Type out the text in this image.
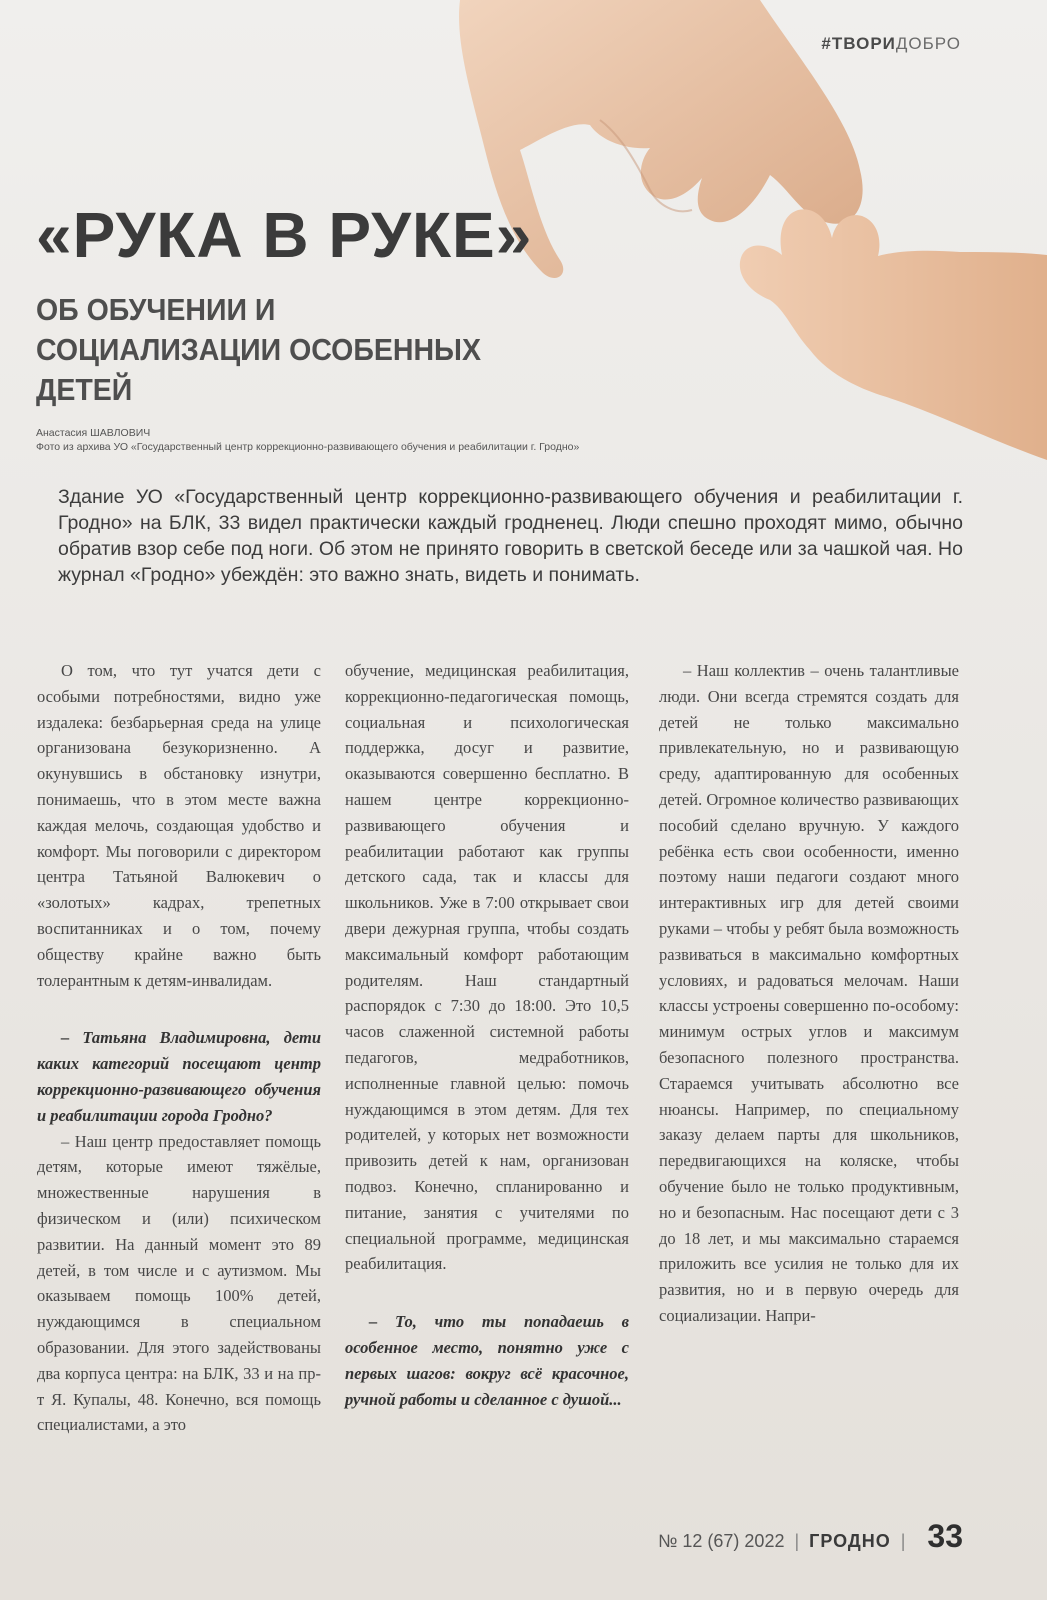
#ТВОРИДОБРО
«РУКА В РУКЕ»
ОБ ОБУЧЕНИИ И СОЦИАЛИЗАЦИИ ОСОБЕННЫХ ДЕТЕЙ
Анастасия ШАВЛОВИЧ
Фото из архива УО «Государственный центр коррекционно-развивающего обучения и реабилитации г. Гродно»
Здание УО «Государственный центр коррекционно-развивающего обучения и реабилитации г. Гродно» на БЛК, 33 видел практически каждый гродненец. Люди спешно проходят мимо, обычно обратив взор себе под ноги. Об этом не принято говорить в светской беседе или за чашкой чая. Но журнал «Гродно» убеждён: это важно знать, видеть и понимать.

О том, что тут учатся дети с особыми потребностями, видно уже издалека: безбарьерная среда на улице организована безукоризненно. А окунувшись в обстановку изнутри, понимаешь, что в этом месте важна каждая мелочь, создающая удобство и комфорт. Мы поговорили с директором центра Татьяной Валюкевич о «золотых» кадрах, трепетных воспитанниках и о том, почему обществу крайне важно быть толерантным к детям-инвалидам.

– Татьяна Владимировна, дети каких категорий посещают центр коррекционно-развивающего обучения и реабилитации города Гродно?

– Наш центр предоставляет помощь детям, которые имеют тяжёлые, множественные нарушения в физическом и (или) психическом развитии. На данный момент это 89 детей, в том числе и с аутизмом. Мы оказываем помощь 100% детей, нуждающимся в специальном образовании. Для этого задействованы два корпуса центра: на БЛК, 33 и на пр-т Я. Купалы, 48. Конечно, вся помощь специалистами, а это

обучение, медицинская реабилитация, коррекционно-педагогическая помощь, социальная и психологическая поддержка, досуг и развитие, оказываются совершенно бесплатно. В нашем центре коррекционно-развивающего обучения и реабилитации работают как группы детского сада, так и классы для школьников. Уже в 7:00 открывает свои двери дежурная группа, чтобы создать максимальный комфорт работающим родителям. Наш стандартный распорядок с 7:30 до 18:00. Это 10,5 часов слаженной системной работы педагогов, медработников, исполненные главной целью: помочь нуждающимся в этом детям. Для тех родителей, у которых нет возможности привозить детей к нам, организован подвоз. Конечно, спланированно и питание, занятия с учителями по специальной программе, медицинская реабилитация.

– То, что ты попадаешь в особенное место, понятно уже с первых шагов: вокруг всё красочное, ручной работы и сделанное с душой...

– Наш коллектив – очень талантливые люди. Они всегда стремятся создать для детей не только максимально привлекательную, но и развивающую среду, адаптированную для особенных детей. Огромное количество развивающих пособий сделано вручную. У каждого ребёнка есть свои особенности, именно поэтому наши педагоги создают много интерактивных игр для детей своими руками – чтобы у ребят была возможность развиваться в максимально комфортных условиях, и радоваться мелочам. Наши классы устроены совершенно по-особому: минимум острых углов и максимум безопасного полезного пространства. Стараемся учитывать абсолютно все нюансы. Например, по специальному заказу делаем парты для школьников, передвигающихся на коляске, чтобы обучение было не только продуктивным, но и безопасным. Нас посещают дети с 3 до 18 лет, и мы максимально стараемся приложить все усилия не только для их развития, но и в первую очередь для социализации. Напри-

№ 12 (67) 2022 | ГРОДНО | 33
